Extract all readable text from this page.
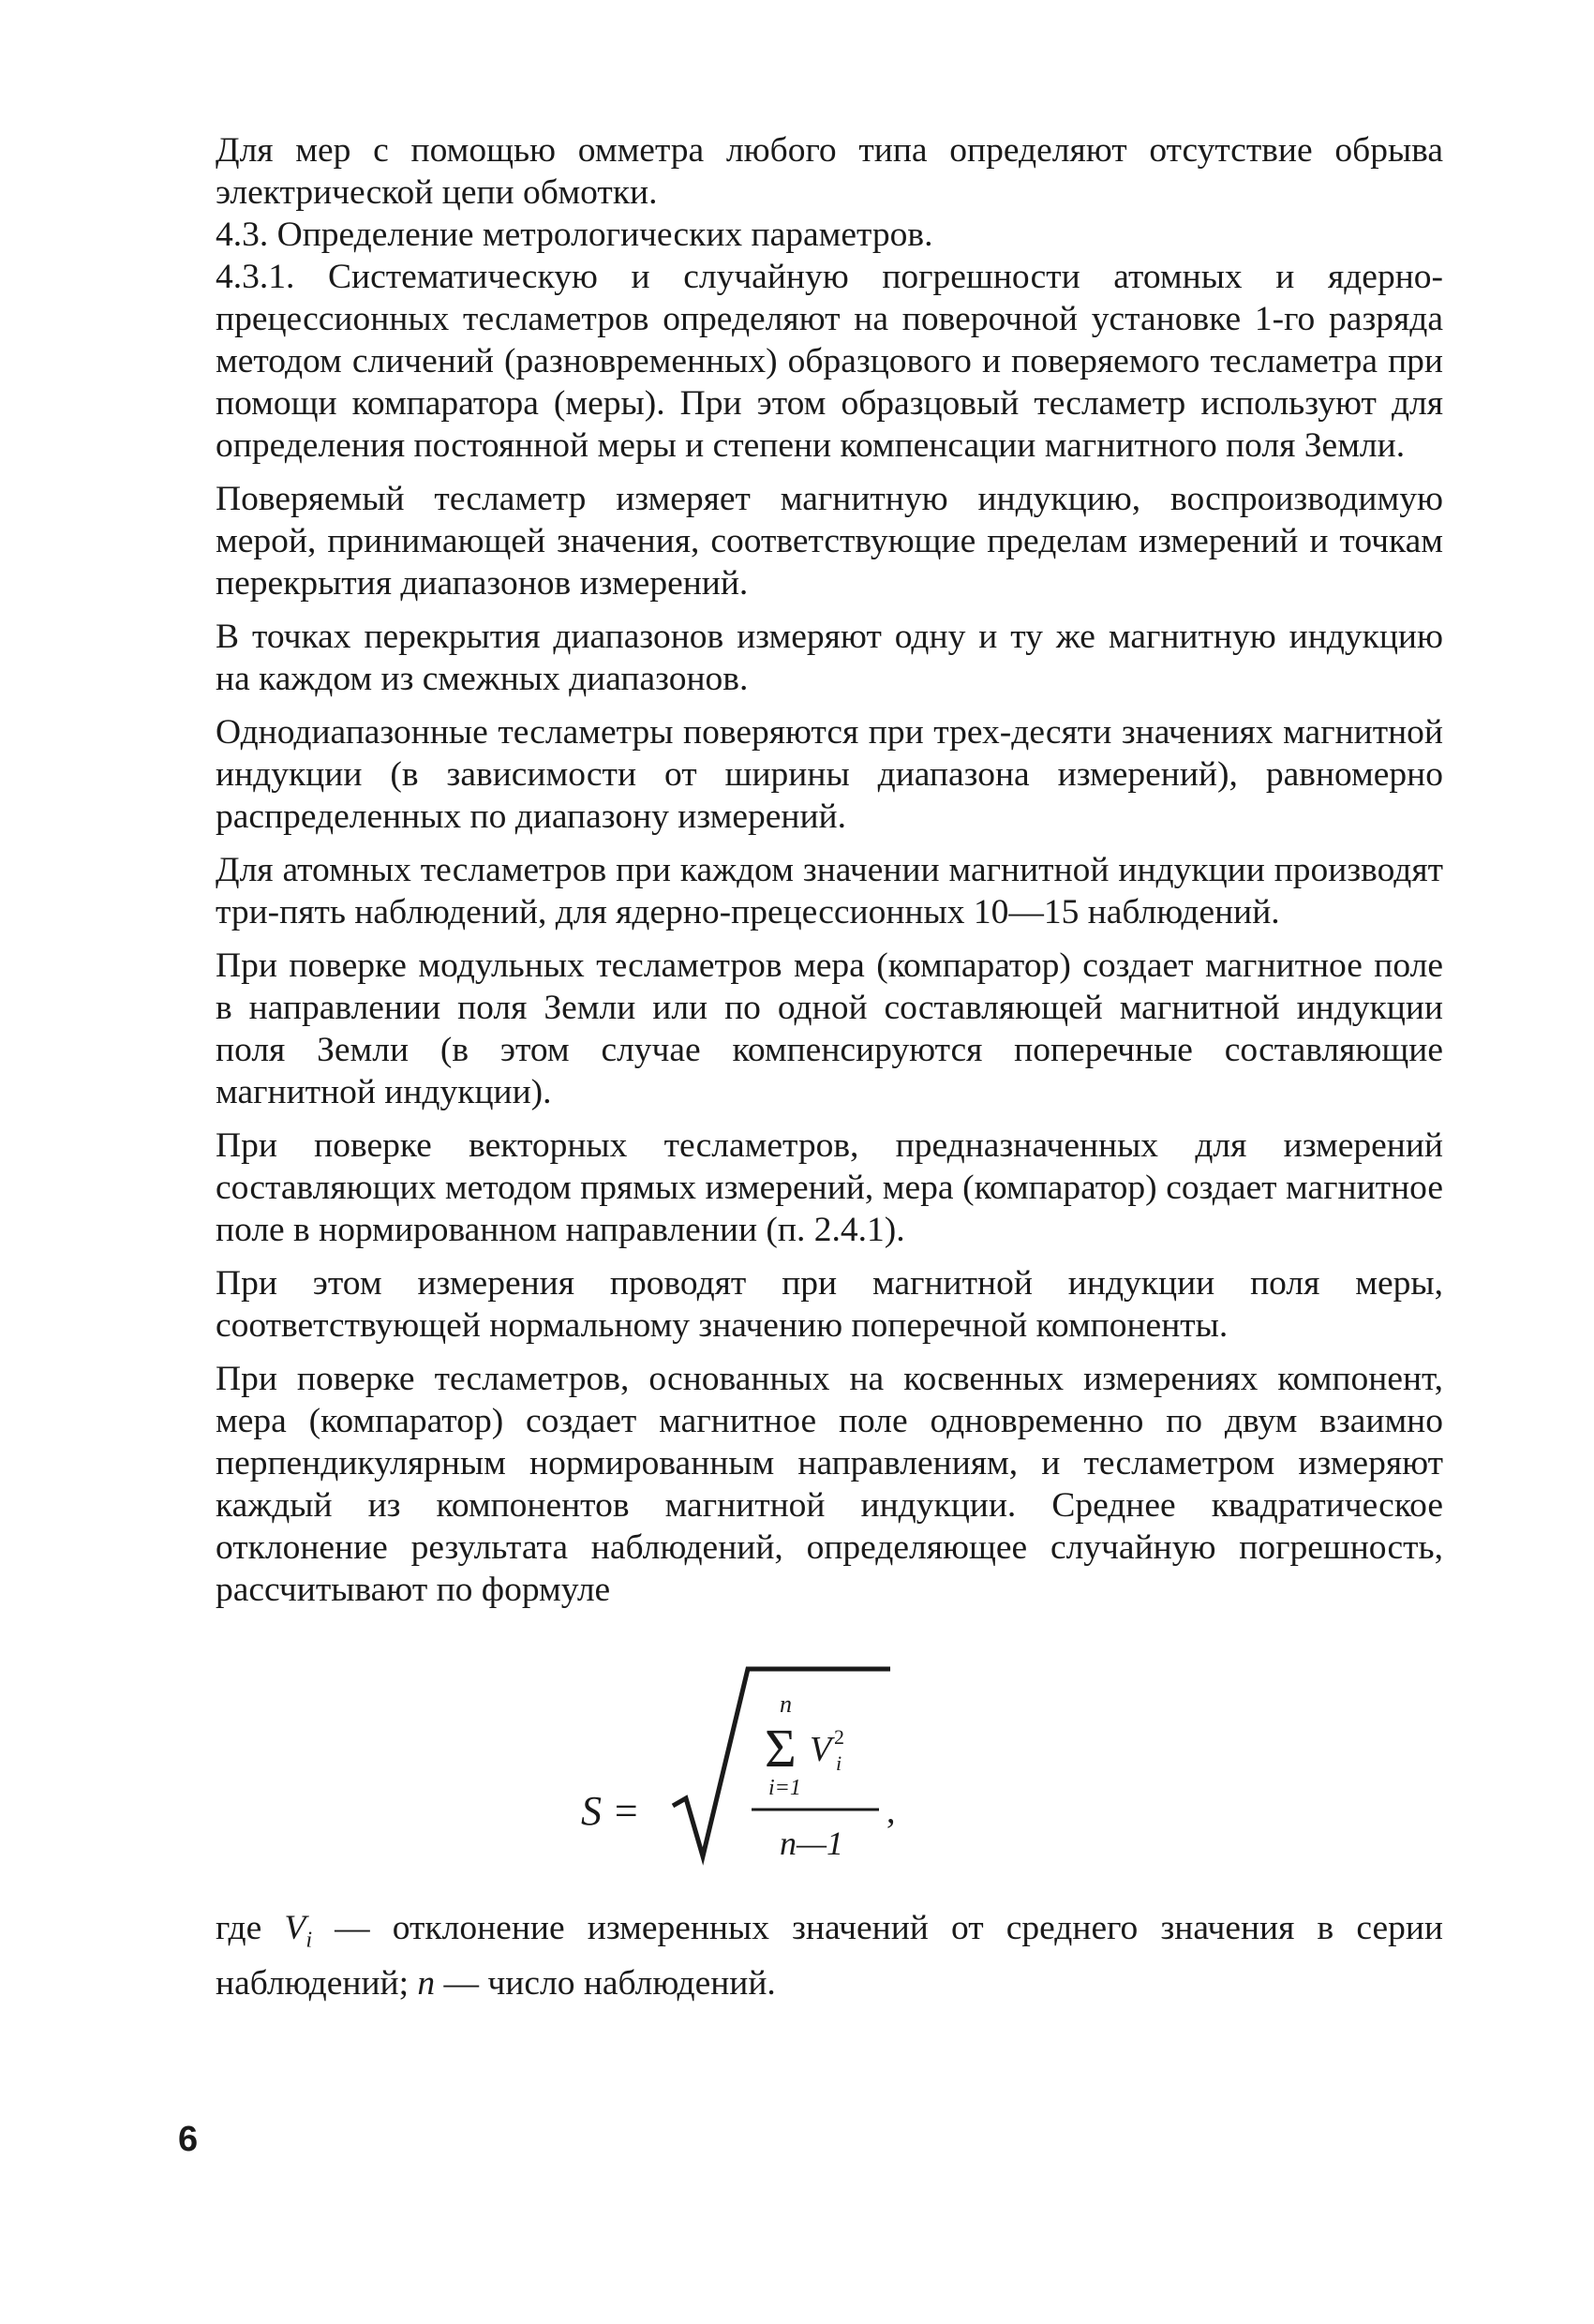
Для мер с помощью омметра любого типа определяют отсутствие обрыва электрической цепи обмотки.

4.3. Определение метрологических параметров.

4.3.1. Систематическую и случайную погрешности атомных и ядерно-прецессионных тесламетров определяют на поверочной установке 1-го разряда методом сличений (разновременных) образцового и поверяемого тесламетра при помощи компаратора (меры). При этом образцовый тесламетр используют для определения постоянной меры и степени компенсации магнитного поля Земли.

Поверяемый тесламетр измеряет магнитную индукцию, воспроизводимую мерой, принимающей значения, соответствующие пределам измерений и точкам перекрытия диапазонов измерений.

В точках перекрытия диапазонов измеряют одну и ту же магнитную индукцию на каждом из смежных диапазонов.

Однодиапазонные тесламетры поверяются при трех-десяти значениях магнитной индукции (в зависимости от ширины диапазона измерений), равномерно распределенных по диапазону измерений.

Для атомных тесламетров при каждом значении магнитной индукции производят три-пять наблюдений, для ядерно-прецессионных 10—15 наблюдений.

При поверке модульных тесламетров мера (компаратор) создает магнитное поле в направлении поля Земли или по одной составляющей магнитной индукции поля Земли (в этом случае компенсируются поперечные составляющие магнитной индукции).

При поверке векторных тесламетров, предназначенных для измерений составляющих методом прямых измерений, мера (компаратор) создает магнитное поле в нормированном направлении (п. 2.4.1).

При этом измерения проводят при магнитной индукции поля меры, соответствующей нормальному значению поперечной компоненты.

При поверке тесламетров, основанных на косвенных измерениях компонент, мера (компаратор) создает магнитное поле одновременно по двум взаимно перпендикулярным нормированным направлениям, и тесламетром измеряют каждый из компонентов магнитной индукции. Среднее квадратическое отклонение результата наблюдений, определяющее случайную погрешность, рассчитывают по формуле

S =
n
Σ V 2
i
i=1
n—1
,

где $V_i$ — отклонение измеренных значений от среднего значения в серии наблюдений; n — число наблюдений.

6
